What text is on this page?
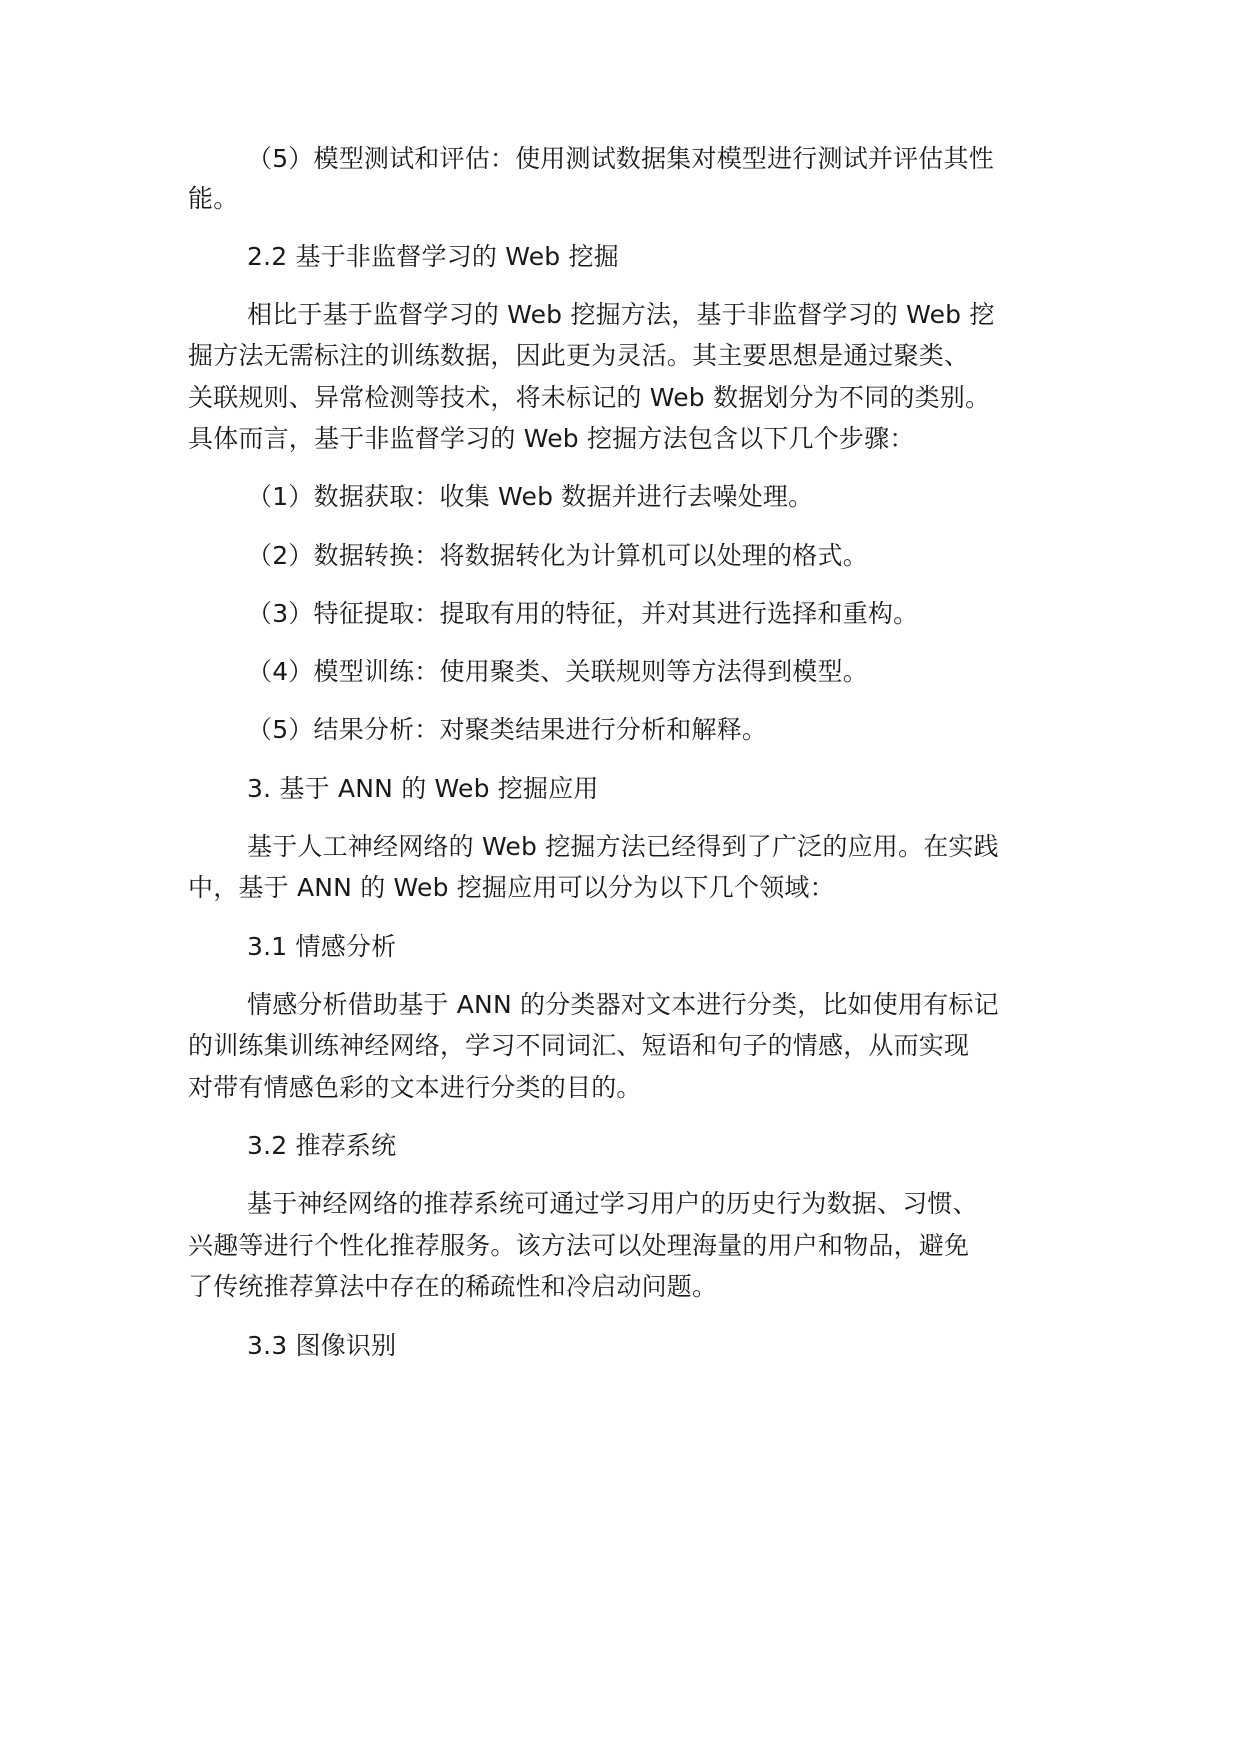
（5）模型测试和评估：使用测试数据集对模型进行测试并评估其性
能。
2.2 基于非监督学习的 Web 挖掘
相比于基于监督学习的 Web 挖掘方法，基于非监督学习的 Web 挖
掘方法无需标注的训练数据，因此更为灵活。其主要思想是通过聚类、
关联规则、异常检测等技术，将未标记的 Web 数据划分为不同的类别。
具体而言，基于非监督学习的 Web 挖掘方法包含以下几个步骤：
（1）数据获取：收集 Web 数据并进行去噪处理。
（2）数据转换：将数据转化为计算机可以处理的格式。
（3）特征提取：提取有用的特征，并对其进行选择和重构。
（4）模型训练：使用聚类、关联规则等方法得到模型。
（5）结果分析：对聚类结果进行分析和解释。
3. 基于 ANN 的 Web 挖掘应用
基于人工神经网络的 Web 挖掘方法已经得到了广泛的应用。在实践
中，基于 ANN 的 Web 挖掘应用可以分为以下几个领域：
3.1 情感分析
情感分析借助基于 ANN 的分类器对文本进行分类，比如使用有标记
的训练集训练神经网络，学习不同词汇、短语和句子的情感，从而实现
对带有情感色彩的文本进行分类的目的。
3.2 推荐系统
基于神经网络的推荐系统可通过学习用户的历史行为数据、习惯、
兴趣等进行个性化推荐服务。该方法可以处理海量的用户和物品，避免
了传统推荐算法中存在的稀疏性和冷启动问题。
3.3 图像识别
